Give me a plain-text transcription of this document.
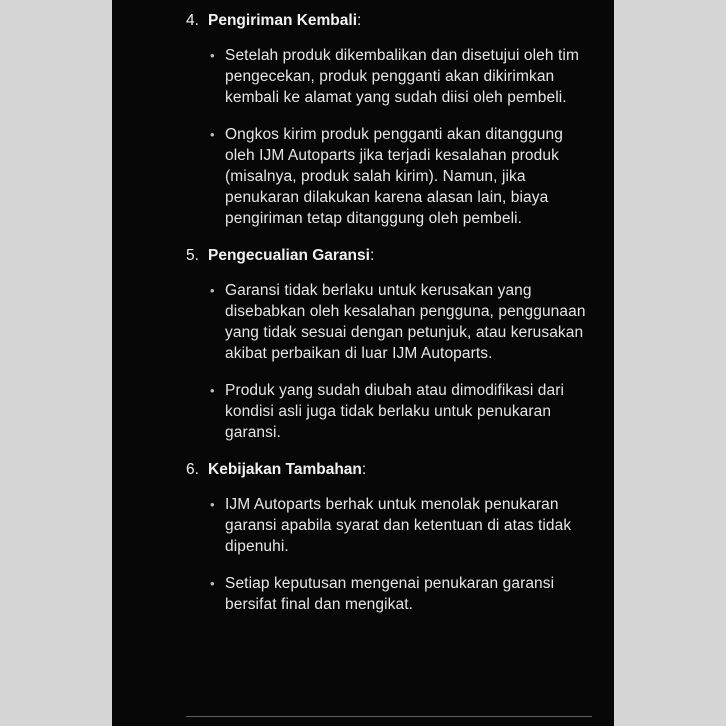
4. Pengiriman Kembali:
• Setelah produk dikembalikan dan disetujui oleh tim pengecekan, produk pengganti akan dikirimkan kembali ke alamat yang sudah diisi oleh pembeli.
• Ongkos kirim produk pengganti akan ditanggung oleh IJM Autoparts jika terjadi kesalahan produk (misalnya, produk salah kirim). Namun, jika penukaran dilakukan karena alasan lain, biaya pengiriman tetap ditanggung oleh pembeli.
5. Pengecualian Garansi:
• Garansi tidak berlaku untuk kerusakan yang disebabkan oleh kesalahan pengguna, penggunaan yang tidak sesuai dengan petunjuk, atau kerusakan akibat perbaikan di luar IJM Autoparts.
• Produk yang sudah diubah atau dimodifikasi dari kondisi asli juga tidak berlaku untuk penukaran garansi.
6. Kebijakan Tambahan:
• IJM Autoparts berhak untuk menolak penukaran garansi apabila syarat dan ketentuan di atas tidak dipenuhi.
• Setiap keputusan mengenai penukaran garansi bersifat final dan mengikat.
